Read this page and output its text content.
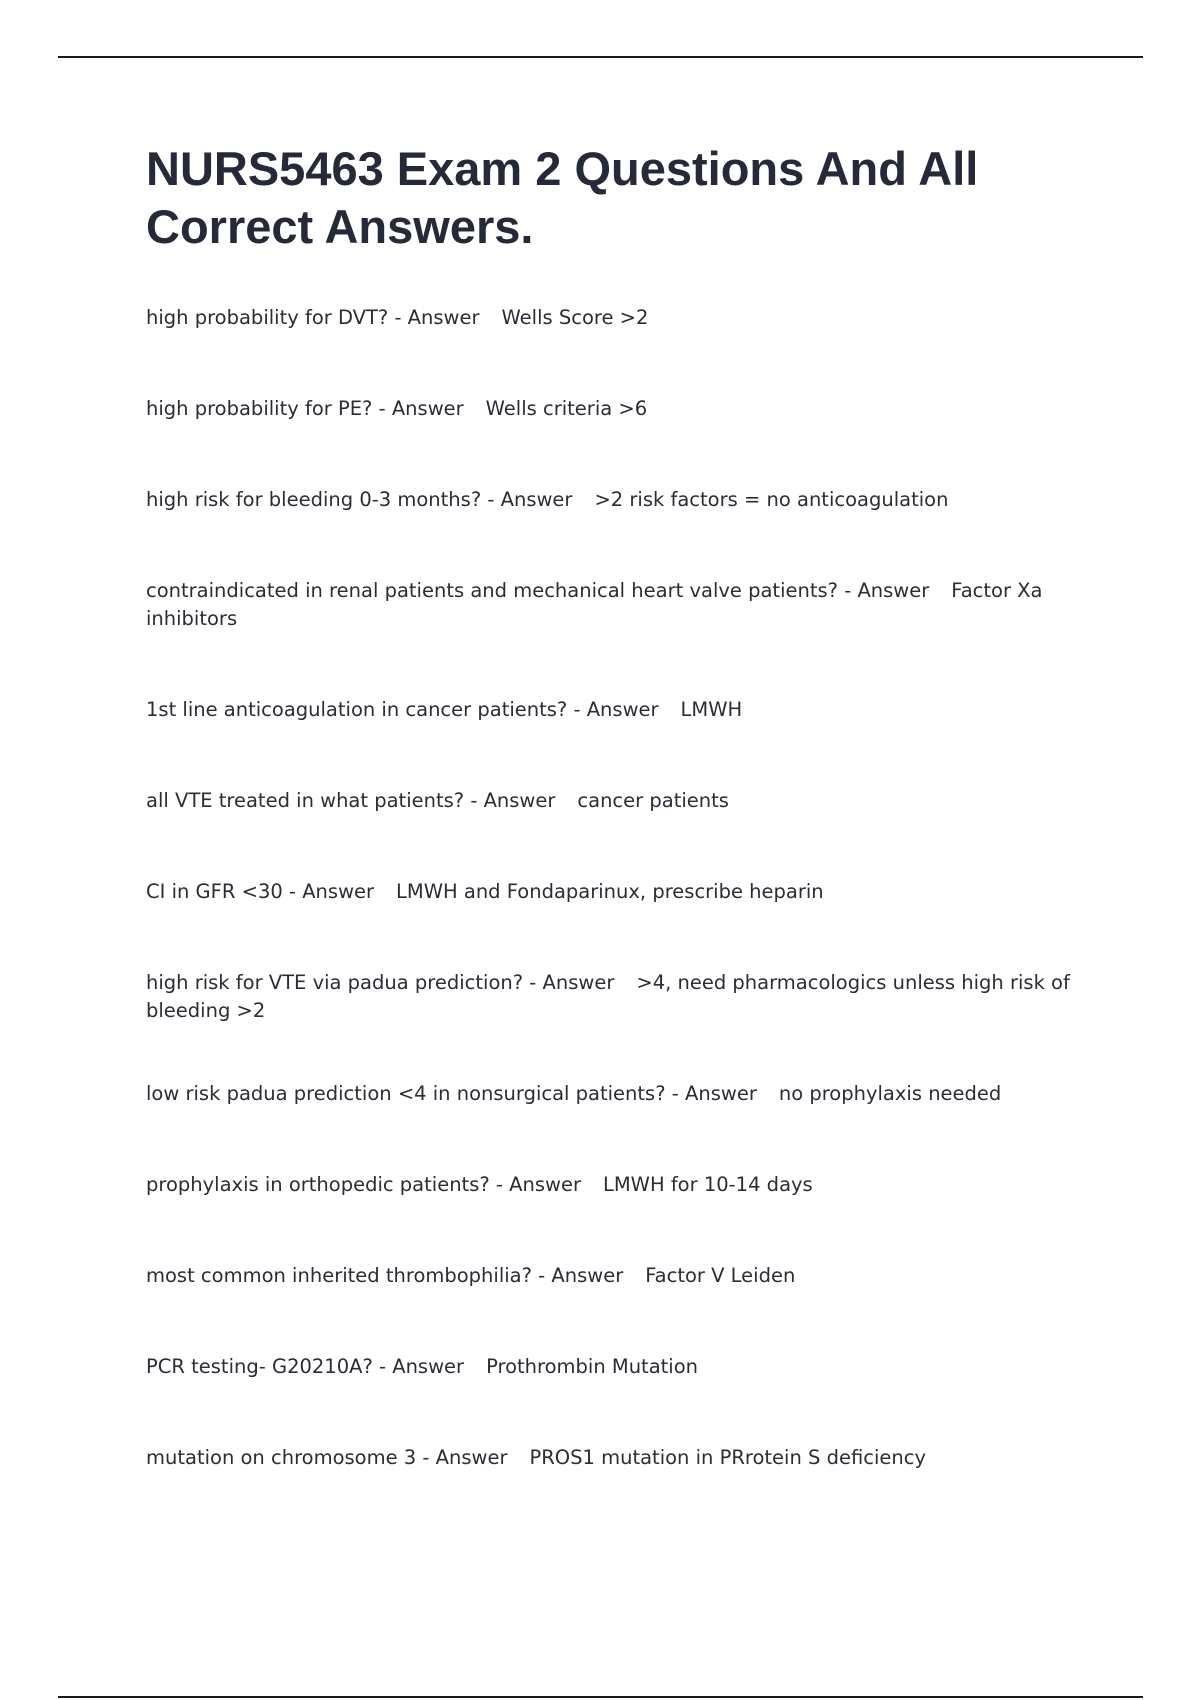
NURS5463 Exam 2 Questions And All Correct Answers.

high probability for DVT? - Answer Wells Score >2

high probability for PE? - Answer Wells criteria >6

high risk for bleeding 0-3 months? - Answer >2 risk factors = no anticoagulation

contraindicated in renal patients and mechanical heart valve patients? - Answer Factor Xa inhibitors

1st line anticoagulation in cancer patients? - Answer LMWH

all VTE treated in what patients? - Answer cancer patients

CI in GFR <30 - Answer LMWH and Fondaparinux, prescribe heparin

high risk for VTE via padua prediction? - Answer >4, need pharmacologics unless high risk of bleeding >2

low risk padua prediction <4 in nonsurgical patients? - Answer no prophylaxis needed

prophylaxis in orthopedic patients? - Answer LMWH for 10-14 days

most common inherited thrombophilia? - Answer Factor V Leiden

PCR testing- G20210A? - Answer Prothrombin Mutation

mutation on chromosome 3 - Answer PROS1 mutation in PRrotein S deficiency
